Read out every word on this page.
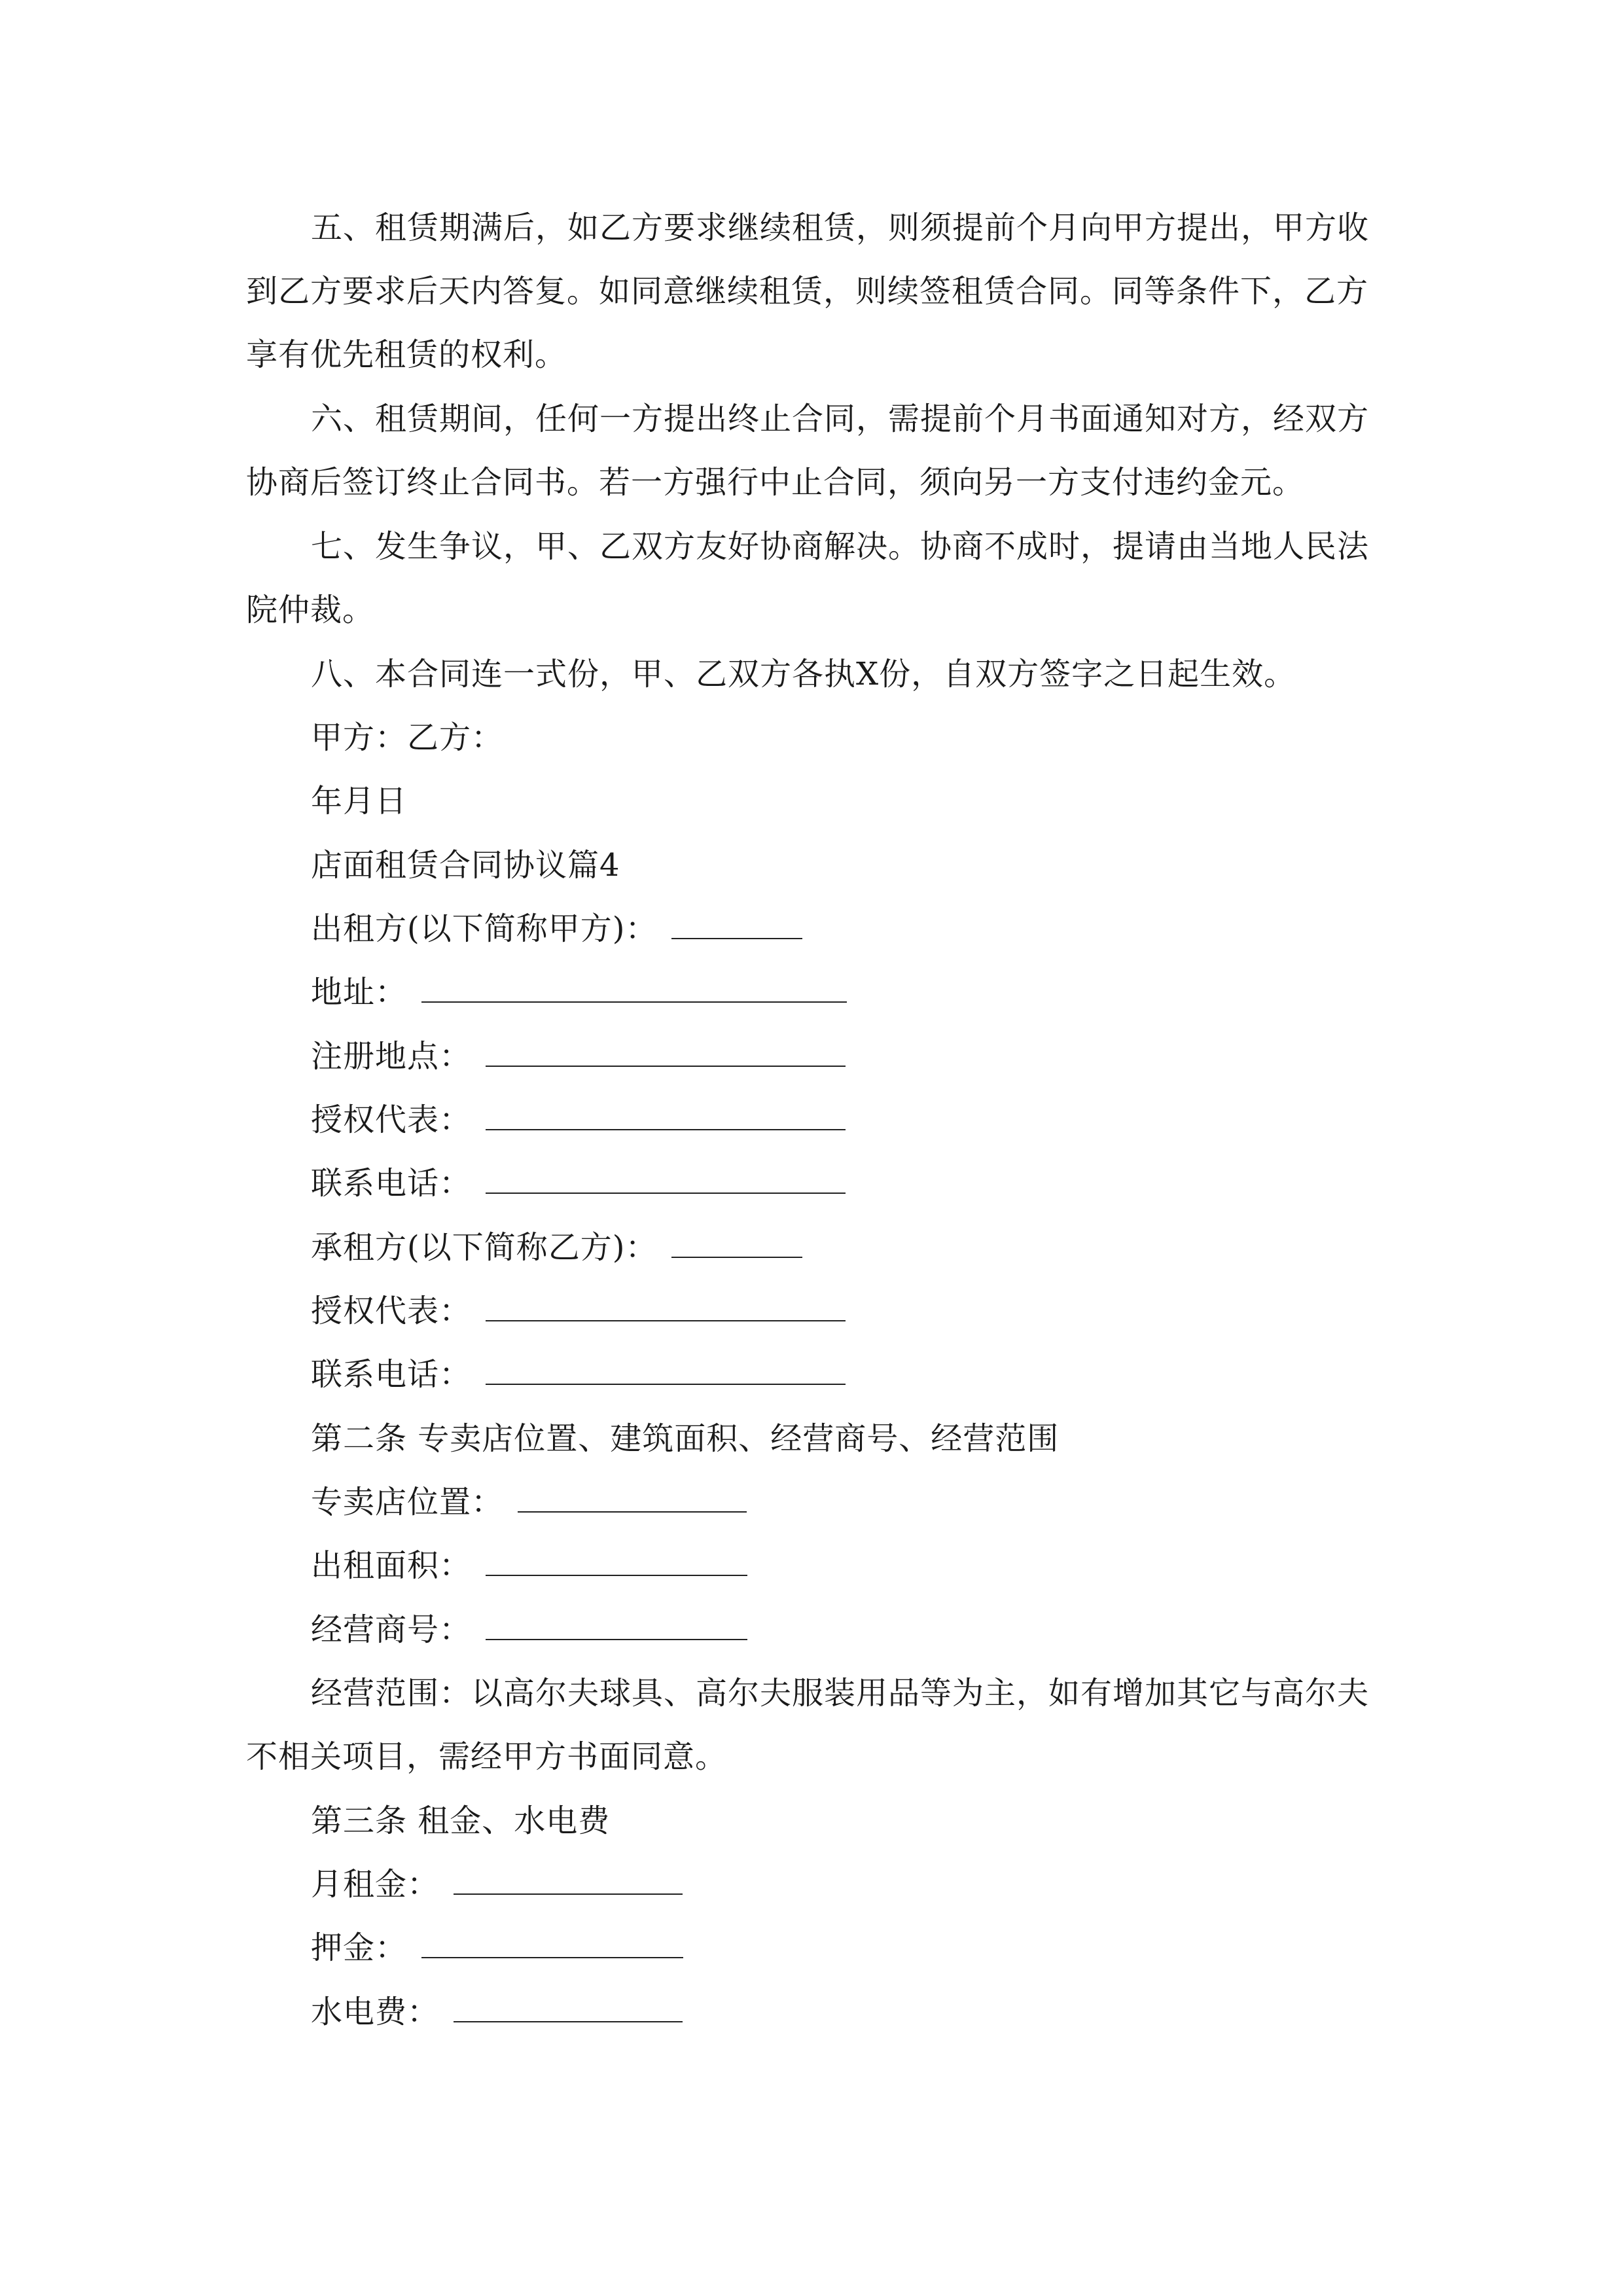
五、租赁期满后，如乙方要求继续租赁，则须提前个月向甲方提出，甲方收
到乙方要求后天内答复。如同意继续租赁，则续签租赁合同。同等条件下，乙方
享有优先租赁的权利。
六、租赁期间，任何一方提出终止合同，需提前个月书面通知对方，经双方
协商后签订终止合同书。若一方强行中止合同，须向另一方支付违约金元。
七、发生争议，甲、乙双方友好协商解决。协商不成时，提请由当地人民法
院仲裁。
八、本合同连一式份，甲、乙双方各执X份，自双方签字之日起生效。
甲方：乙方：
年月日
店面租赁合同协议篇4
出租方(以下简称甲方)：
地址：
注册地点：
授权代表：
联系电话：
承租方(以下简称乙方)：
授权代表：
联系电话：
第二条 专卖店位置、建筑面积、经营商号、经营范围
专卖店位置：
出租面积：
经营商号：
经营范围：以高尔夫球具、高尔夫服装用品等为主，如有增加其它与高尔夫
不相关项目，需经甲方书面同意。
第三条 租金、水电费
月租金：
押金：
水电费：
